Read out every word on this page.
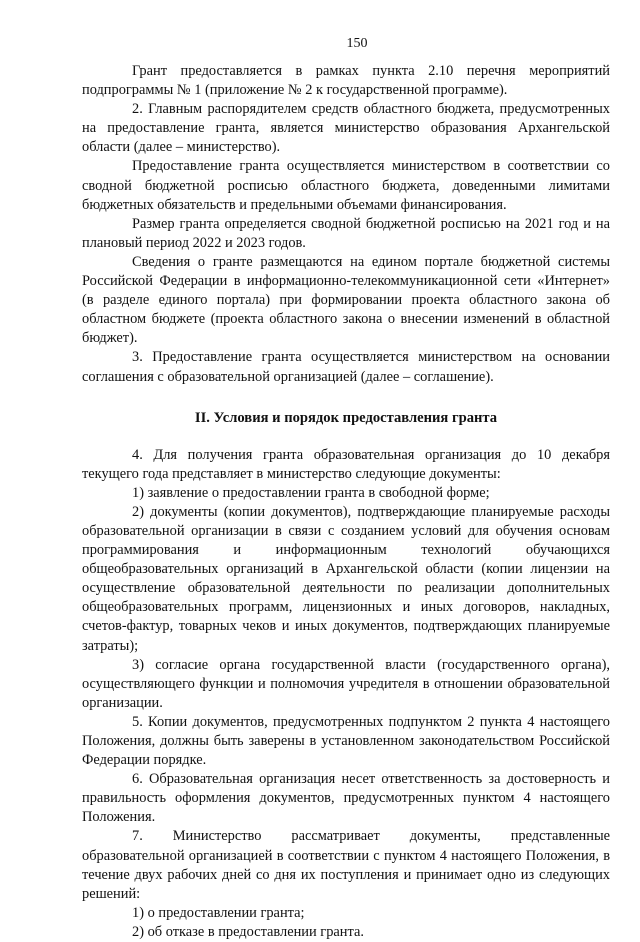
150

Грант предоставляется в рамках пункта 2.10 перечня мероприятий подпрограммы № 1 (приложение № 2 к государственной программе).

2. Главным распорядителем средств областного бюджета, предусмотренных на предоставление гранта, является министерство образования Архангельской области (далее – министерство).

Предоставление гранта осуществляется министерством в соответствии со сводной бюджетной росписью областного бюджета, доведенными лимитами бюджетных обязательств и предельными объемами финансирования.

Размер гранта определяется сводной бюджетной росписью на 2021 год и на плановый период 2022 и 2023 годов.

Сведения о гранте размещаются на едином портале бюджетной системы Российской Федерации в информационно-телекоммуникационной сети «Интернет» (в разделе единого портала) при формировании проекта областного закона об областном бюджете (проекта областного закона о внесении изменений в областной бюджет).

3. Предоставление гранта осуществляется министерством на основании соглашения с образовательной организацией (далее – соглашение).

II. Условия и порядок предоставления гранта

4. Для получения гранта образовательная организация до 10 декабря текущего года представляет в министерство следующие документы:

1) заявление о предоставлении гранта в свободной форме;

2) документы (копии документов), подтверждающие планируемые расходы образовательной организации в связи с созданием условий для обучения основам программирования и информационным технологий обучающихся общеобразовательных организаций в Архангельской области (копии лицензии на осуществление образовательной деятельности по реализации дополнительных общеобразовательных программ, лицензионных и иных договоров, накладных, счетов-фактур, товарных чеков и иных документов, подтверждающих планируемые затраты);

3) согласие органа государственной власти (государственного органа), осуществляющего функции и полномочия учредителя в отношении образовательной организации.

5. Копии документов, предусмотренных подпунктом 2 пункта 4 настоящего Положения, должны быть заверены в установленном законодательством Российской Федерации порядке.

6. Образовательная организация несет ответственность за достоверность и правильность оформления документов, предусмотренных пунктом 4 настоящего Положения.

7. Министерство рассматривает документы, представленные образовательной организацией в соответствии с пунктом 4 настоящего Положения, в течение двух рабочих дней со дня их поступления и принимает одно из следующих решений:

1) о предоставлении гранта;

2) об отказе в предоставлении гранта.
